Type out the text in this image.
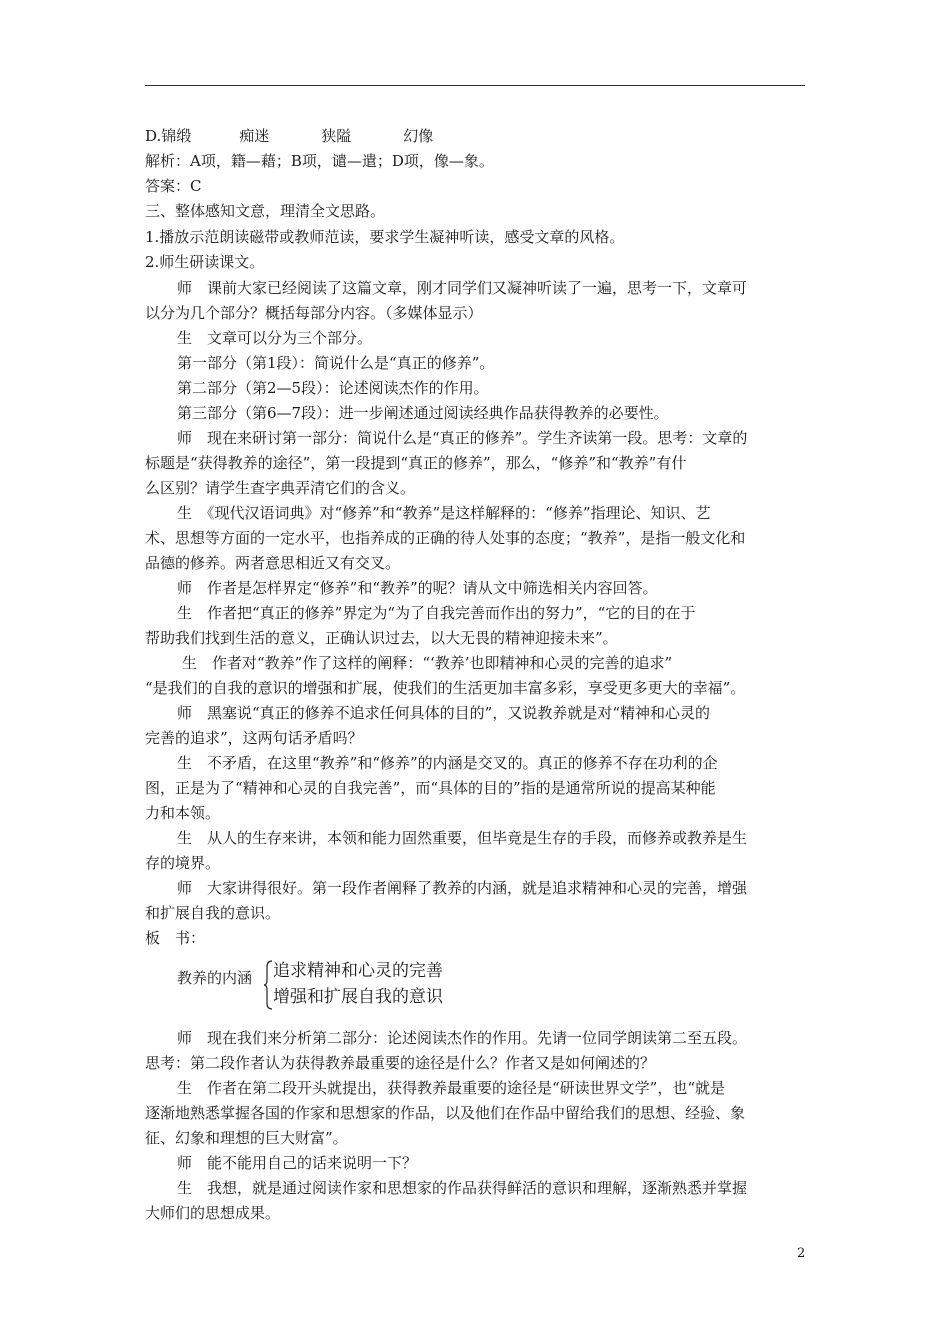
D.锦缎	痴迷	狭隘	幻像
解析：A项，籍—藉；B项，谴—遣；D项，像—象。
答案：C
三、整体感知文意，理清全文思路。
1.播放示范朗读磁带或教师范读，要求学生凝神听读，感受文章的风格。
2.师生研读课文。
师　课前大家已经阅读了这篇文章，刚才同学们又凝神听读了一遍，思考一下，文章可
以分为几个部分？概括每部分内容。（多媒体显示）
生　文章可以分为三个部分。
第一部分（第1段）：简说什么是“真正的修养”。
第二部分（第2—5段）：论述阅读杰作的作用。
第三部分（第6—7段）：进一步阐述通过阅读经典作品获得教养的必要性。
师　现在来研讨第一部分：简说什么是“真正的修养”。学生齐读第一段。思考：文章的
标题是“获得教养的途径”，第一段提到“真正的修养”，那么，“修养”和“教养”有什
么区别？请学生查字典弄清它们的含义。
生　《现代汉语词典》对“修养”和“教养”是这样解释的：“修养”指理论、知识、艺
术、思想等方面的一定水平，也指养成的正确的待人处事的态度；“教养”，是指一般文化和
品德的修养。两者意思相近又有交叉。
师　作者是怎样界定“修养”和“教养”的呢？请从文中筛选相关内容回答。
生　作者把“真正的修养”界定为“为了自我完善而作出的努力”，“它的目的在于
帮助我们找到生活的意义，正确认识过去，以大无畏的精神迎接未来”。
生　作者对“教养”作了这样的阐释：“‘教养’也即精神和心灵的完善的追求”
“是我们的自我的意识的增强和扩展，使我们的生活更加丰富多彩，享受更多更大的幸福”。
师　黑塞说“真正的修养不追求任何具体的目的”，又说教养就是对“精神和心灵的
完善的追求”，这两句话矛盾吗？
生　不矛盾，在这里“教养”和“修养”的内涵是交叉的。真正的修养不存在功利的企
图，正是为了“精神和心灵的自我完善”，而“具体的目的”指的是通常所说的提高某种能
力和本领。
生　从人的生存来讲，本领和能力固然重要，但毕竟是生存的手段，而修养或教养是生
存的境界。
师　大家讲得很好。第一段作者阐释了教养的内涵，就是追求精神和心灵的完善，增强
和扩展自我的意识。
板　书：
教养的内涵 追求精神和心灵的完善
增强和扩展自我的意识
师　现在我们来分析第二部分：论述阅读杰作的作用。先请一位同学朗读第二至五段。
思考：第二段作者认为获得教养最重要的途径是什么？作者又是如何阐述的？
生　作者在第二段开头就提出，获得教养最重要的途径是“研读世界文学”，也“就是
逐渐地熟悉掌握各国的作家和思想家的作品，以及他们在作品中留给我们的思想、经验、象
征、幻象和理想的巨大财富”。
师　能不能用自己的话来说明一下？
生　我想，就是通过阅读作家和思想家的作品获得鲜活的意识和理解，逐渐熟悉并掌握
大师们的思想成果。
2
